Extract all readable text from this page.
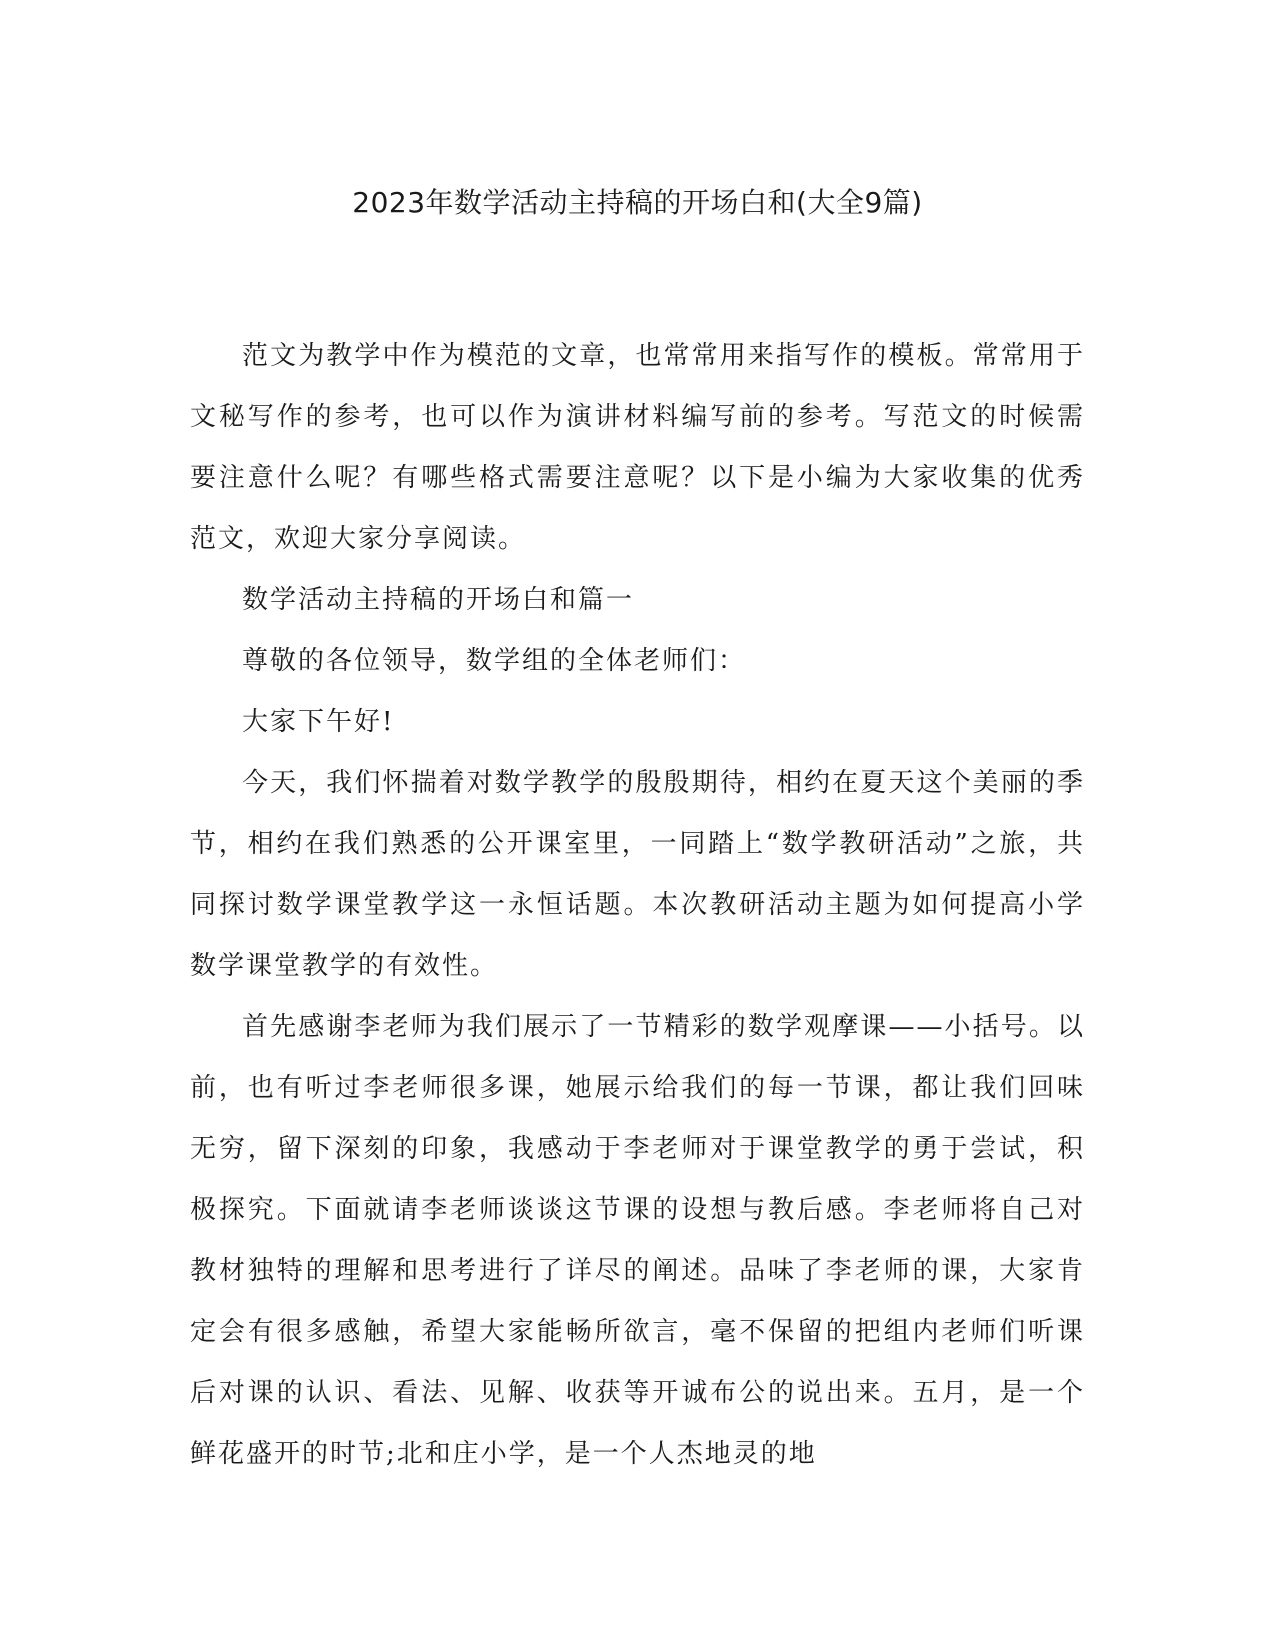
2023年数学活动主持稿的开场白和(大全9篇)

范文为教学中作为模范的文章，也常常用来指写作的模板。常常用于文秘写作的参考，也可以作为演讲材料编写前的参考。写范文的时候需要注意什么呢？有哪些格式需要注意呢？以下是小编为大家收集的优秀范文，欢迎大家分享阅读。

数学活动主持稿的开场白和篇一

尊敬的各位领导，数学组的全体老师们：

大家下午好!

今天，我们怀揣着对数学教学的殷殷期待，相约在夏天这个美丽的季节，相约在我们熟悉的公开课室里，一同踏上“数学教研活动”之旅，共同探讨数学课堂教学这一永恒话题。本次教研活动主题为如何提高小学数学课堂教学的有效性。

首先感谢李老师为我们展示了一节精彩的数学观摩课——小括号。以前，也有听过李老师很多课，她展示给我们的每一节课，都让我们回味无穷，留下深刻的印象，我感动于李老师对于课堂教学的勇于尝试，积极探究。下面就请李老师谈谈这节课的设想与教后感。李老师将自己对教材独特的理解和思考进行了详尽的阐述。品味了李老师的课，大家肯定会有很多感触，希望大家能畅所欲言，毫不保留的把组内老师们听课后对课的认识、看法、见解、收获等开诚布公的说出来。五月，是一个鲜花盛开的时节;北和庄小学，是一个人杰地灵的地
